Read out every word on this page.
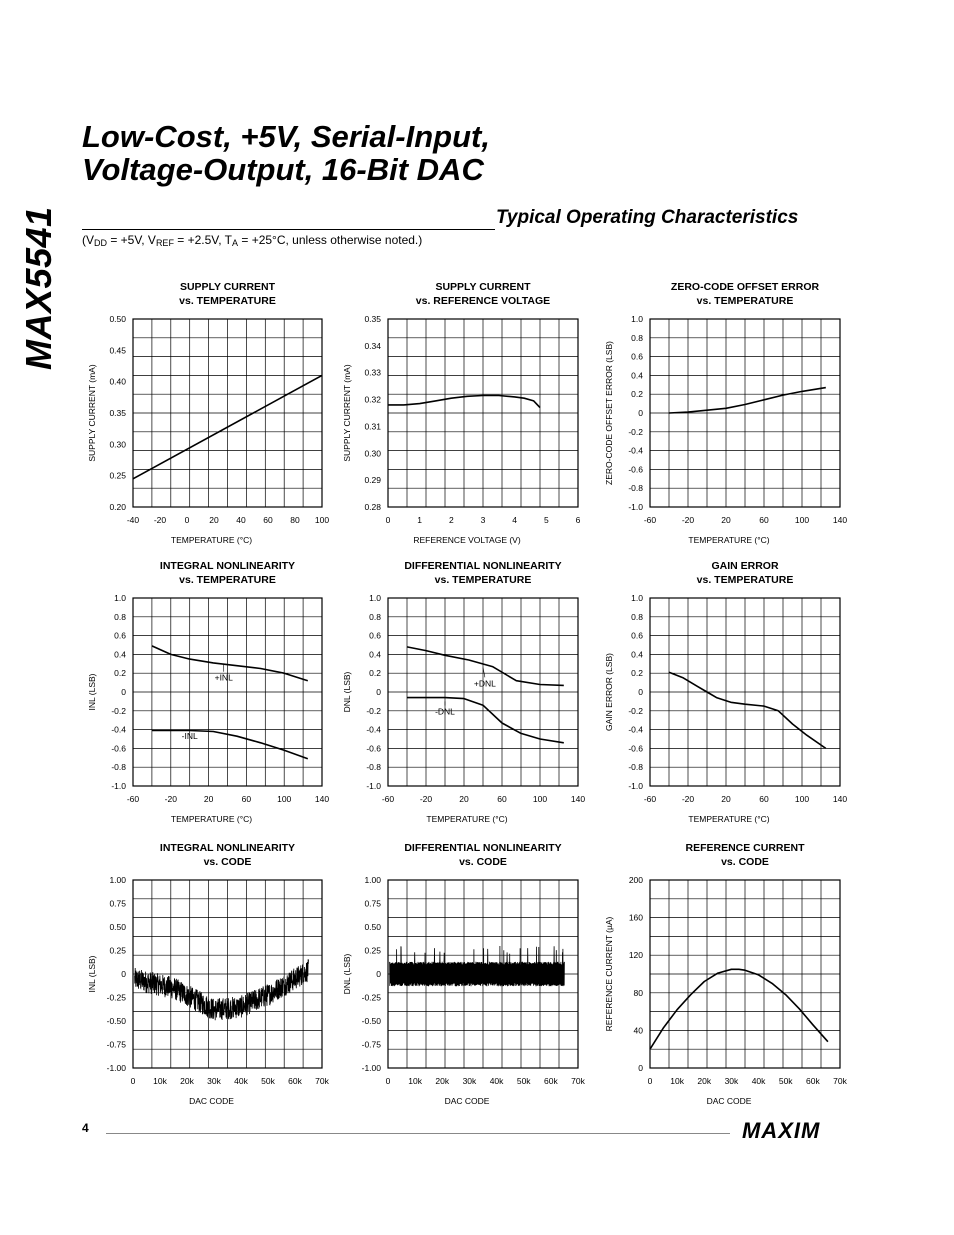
MAX5541
Low-Cost, +5V, Serial-Input,
Voltage-Output, 16-Bit DAC
Typical Operating Characteristics
($V_{DD} = +5V$, $V_{REF} = +2.5V$, $T_A = +25^\circ C$, unless otherwise noted.)
SUPPLY CURRENT
vs. TEMPERATURE
SUPPLY CURRENT
vs. REFERENCE VOLTAGE
ZERO-CODE OFFSET ERROR
vs. TEMPERATURE
INTEGRAL NONLINEARITY
vs. TEMPERATURE
DIFFERENTIAL NONLINEARITY
vs. TEMPERATURE
GAIN ERROR
vs. TEMPERATURE
INTEGRAL NONLINEARITY
vs. CODE
DIFFERENTIAL NONLINEARITY
vs. CODE
REFERENCE CURRENT
vs. CODE
-40 -20 0 20 40 60 80 100
0.20
0.25
0.30
0.35
0.40
0.45
0.50
TEMPERATURE (°C)
SUPPLY CURRENT (mA)
0	1	2	3	4	5	6
0.28
0.29
0.30
0.31
0.32
0.33
0.34
0.35
REFERENCE VOLTAGE (V)
SUPPLY CURRENT (mA)
-60	-20	20	60	100	140
-1.0
-0.8
-0.6
-0.4
-0.2
0
0.2
0.4
0.6
0.8
1.0
TEMPERATURE (°C)
ZERO-CODE OFFSET ERROR (LSB)
-60	-20	20	60	100	140
-1.0
-0.8
-0.6
-0.4
-0.2
0
0.2
0.4
0.6
0.8
1.0
TEMPERATURE (°C)
INL (LSB)	+INL
-INL
-60	-20	20	60	100	140
-1.0
-0.8
-0.6
-0.4
-0.2
0
0.2
0.4
0.6
0.8
1.0
TEMPERATURE (°C)
DNL (LSB)	+DNL
-DNL
-60	-20	20	60	100	140
-1.0
-0.8
-0.6
-0.4
-0.2
0
0.2
0.4
0.6
0.8
1.0
TEMPERATURE (°C)
GAIN ERROR (LSB)
0 10k 20k 30k 40k 50k 60k 70k
-1.00
-0.75
-0.50
-0.25
0
0.25
0.50
0.75
1.00
DAC CODE
INL (LSB)
0 10k 20k 30k 40k 50k 60k 70k
-1.00
-0.75
-0.50
-0.25
0
0.25
0.50
0.75
1.00
DAC CODE
DNL (LSB)
0 10k 20k 30k 40k 50k 60k 70k
0
40
80
120
160
200
DAC CODE
REFERENCE CURRENT (µA)
4	MAXIM
